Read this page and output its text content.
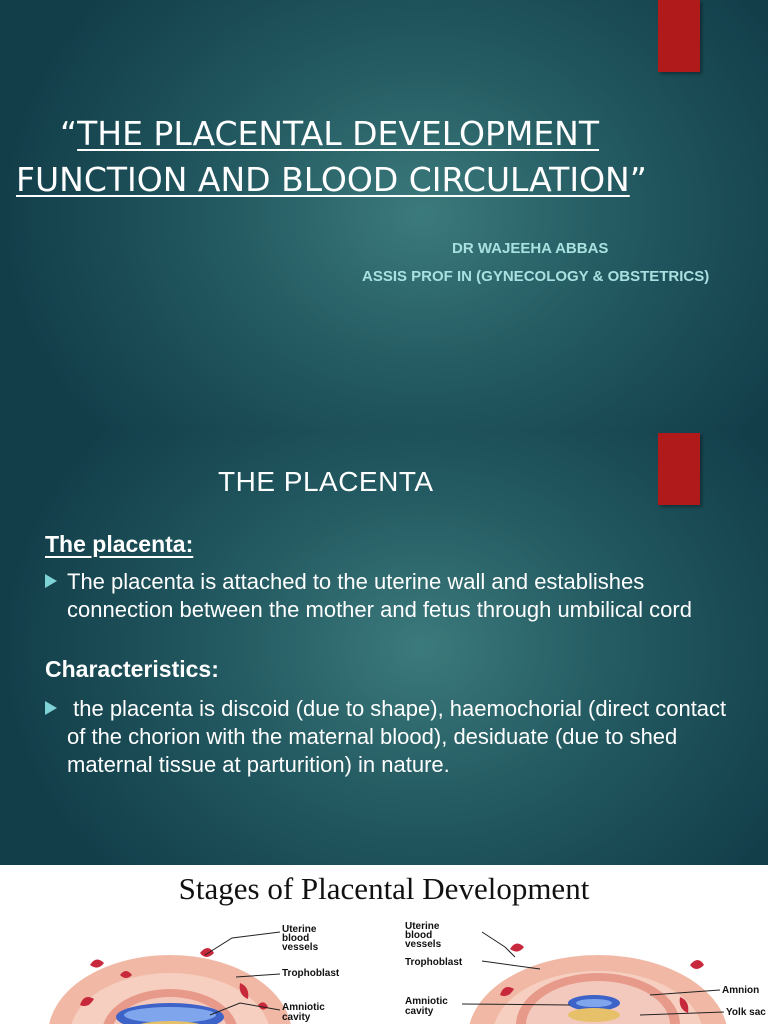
“THE PLACENTAL DEVELOPMENT
FUNCTION AND BLOOD CIRCULATION”
DR WAJEEHA ABBAS
ASSIS PROF IN (GYNECOLOGY & OBSTETRICS)
THE PLACENTA
The placenta:
The placenta is attached to the uterine wall and establishes connection between the mother and fetus through umbilical cord
Characteristics:
the placenta is discoid (due to shape), haemochorial (direct contact of the chorion with the maternal blood), desiduate (due to shed maternal tissue at parturition) in nature.
Stages of Placental Development
Uterine
blood
vessels
Trophoblast
Amniotic
cavity
Uterine
blood
vessels
Trophoblast
Amniotic
cavity
Amnion
Yolk sac
